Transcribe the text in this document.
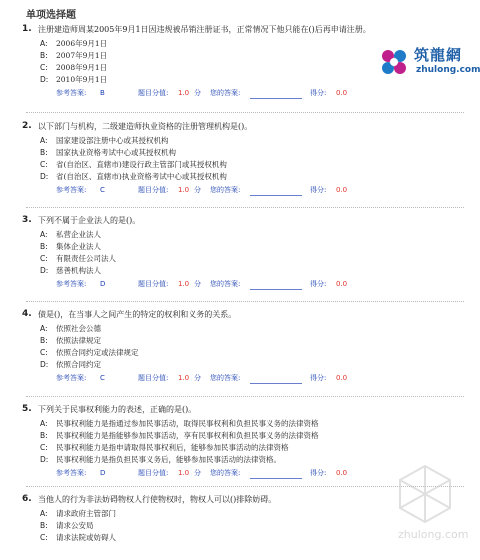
单项选择题
筑龍網
zhulong.com
1. 注册建造师周某2005年9月1日因违规被吊销注册证书，正常情况下他只能在()后再申请注册。
A: 2006年9月1日
B: 2007年9月1日
C: 2008年9月1日
D: 2010年9月1日
参考答案: B	题目分值: 1.0 分 您的答案:	得分: 0.0
2. 以下部门与机构，二级建造师执业资格的注册管理机构是()。
A: 国家建设部注册中心或其授权机构
B: 国家执业资格考试中心或其授权机构
C: 省(自治区、直辖市)建设行政主管部门或其授权机构
D: 省(自治区、直辖市)执业资格考试中心或其授权机构
参考答案: C	题目分值: 1.0 分 您的答案:	得分: 0.0
3. 下列不属于企业法人的是()。
A: 私营企业法人
B: 集体企业法人
C: 有限责任公司法人
D: 慈善机构法人
参考答案: D	题目分值: 1.0 分 您的答案:	得分: 0.0
4. 债是()，在当事人之间产生的特定的权利和义务的关系。
A: 依照社会公德
B: 依照法律规定
C: 依照合同约定或法律规定
D: 依照合同约定
参考答案: C	题目分值: 1.0 分 您的答案:	得分: 0.0
5. 下列关于民事权利能力的表述，正确的是()。
A: 民事权利能力是指通过参加民事活动，取得民事权利和负担民事义务的法律资格
B: 民事权利能力是指能够参加民事活动，享有民事权利和负担民事义务的法律资格
C: 民事权利能力是指申请取得民事权利后，能够参加民事活动的法律资格
D: 民事权利能力是指负担民事义务后，能够参加民事活动的法律资格。
参考答案: D	题目分值: 1.0 分 您的答案:	得分: 0.0
6. 当他人的行为非法妨碍物权人行使物权时，物权人可以()排除妨碍。
A: 请求政府主管部门
B: 请求公安局
C: 请求法院或妨碍人	zhulong.com
